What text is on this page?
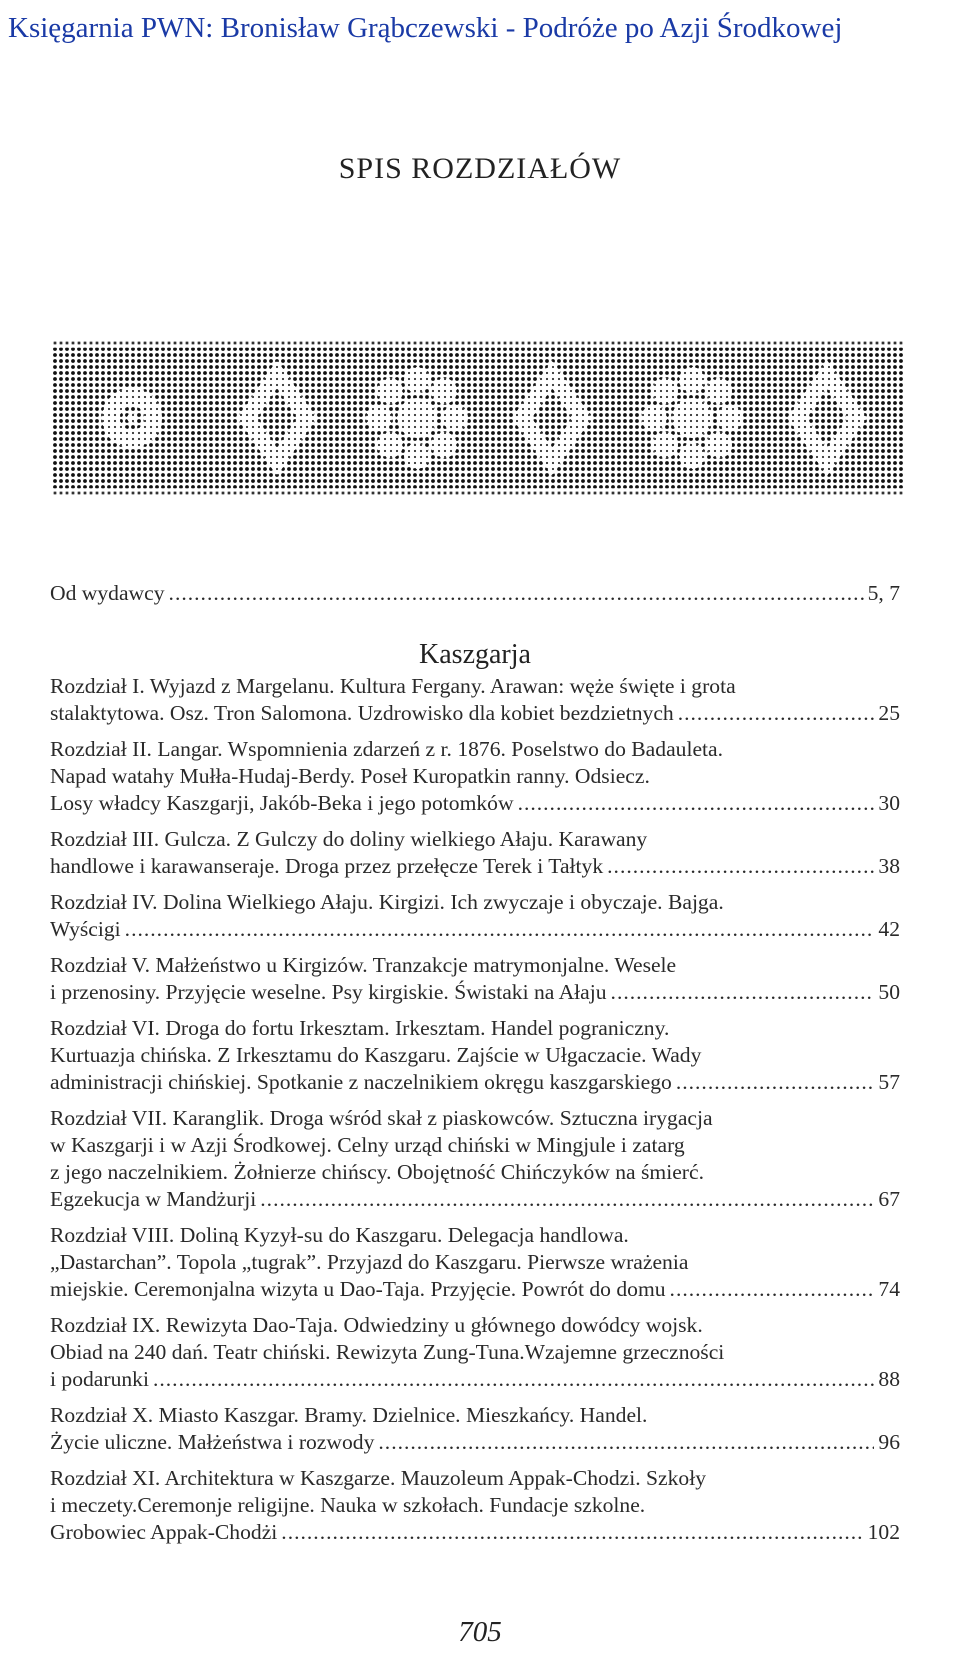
Księgarnia PWN: Bronisław Grąbczewski - Podróże po Azji Środkowej
SPIS ROZDZIAŁÓW
Od wydawcy .....	5, 7
Kaszgarja
Rozdział I. Wyjazd z Margelanu. Kultura Fergany. Arawan: węże święte i grota
stalaktytowa. Osz. Tron Salomona. Uzdrowisko dla kobiet bezdzietnych .....	25
Rozdział II. Langar. Wspomnienia zdarzeń z r. 1876. Poselstwo do Badauleta.
Napad watahy Mułła-Hudaj-Berdy. Poseł Kuropatkin ranny. Odsiecz.
Losy władcy Kaszgarji, Jakób-Beka i jego potomków .....	30
Rozdział III. Gulcza. Z Gulczy do doliny wielkiego Ałaju. Karawany
handlowe i karawanseraje. Droga przez przełęcze Terek i Tałtyk .....	38
Rozdział IV. Dolina Wielkiego Ałaju. Kirgizi. Ich zwyczaje i obyczaje. Bajga.
Wyścigi .....	42
Rozdział V. Małżeństwo u Kirgizów. Tranzakcje matrymonjalne. Wesele
i przenosiny. Przyjęcie weselne. Psy kirgiskie. Świstaki na Ałaju .....	50
Rozdział VI. Droga do fortu Irkesztam. Irkesztam. Handel pograniczny.
Kurtuazja chińska. Z Irkesztamu do Kaszgaru. Zajście w Ułgaczacie. Wady
administracji chińskiej. Spotkanie z naczelnikiem okręgu kaszgarskiego .....	57
Rozdział VII. Karanglik. Droga wśród skał z piaskowców. Sztuczna irygacja
w Kaszgarji i w Azji Środkowej. Celny urząd chiński w Mingjule i zatarg
z jego naczelnikiem. Żołnierze chińscy. Obojętność Chińczyków na śmierć.
Egzekucja w Mandżurji .....	67
Rozdział VIII. Doliną Kyzył-su do Kaszgaru. Delegacja handlowa.
„Dastarchan”. Topola „tugrak”. Przyjazd do Kaszgaru. Pierwsze wrażenia
miejskie. Ceremonjalna wizyta u Dao-Taja. Przyjęcie. Powrót do domu .....	74
Rozdział IX. Rewizyta Dao-Taja. Odwiedziny u głównego dowódcy wojsk.
Obiad na 240 dań. Teatr chiński. Rewizyta Zung-Tuna.Wzajemne grzeczności
i podarunki .....	88
Rozdział X. Miasto Kaszgar. Bramy. Dzielnice. Mieszkańcy. Handel.
Życie uliczne. Małżeństwa i rozwody .....	96
Rozdział XI. Architektura w Kaszgarze. Mauzoleum Appak-Chodzi. Szkoły
i meczety.Ceremonje religijne. Nauka w szkołach. Fundacje szkolne.
Grobowiec Appak-Chodżi .....	102
705
